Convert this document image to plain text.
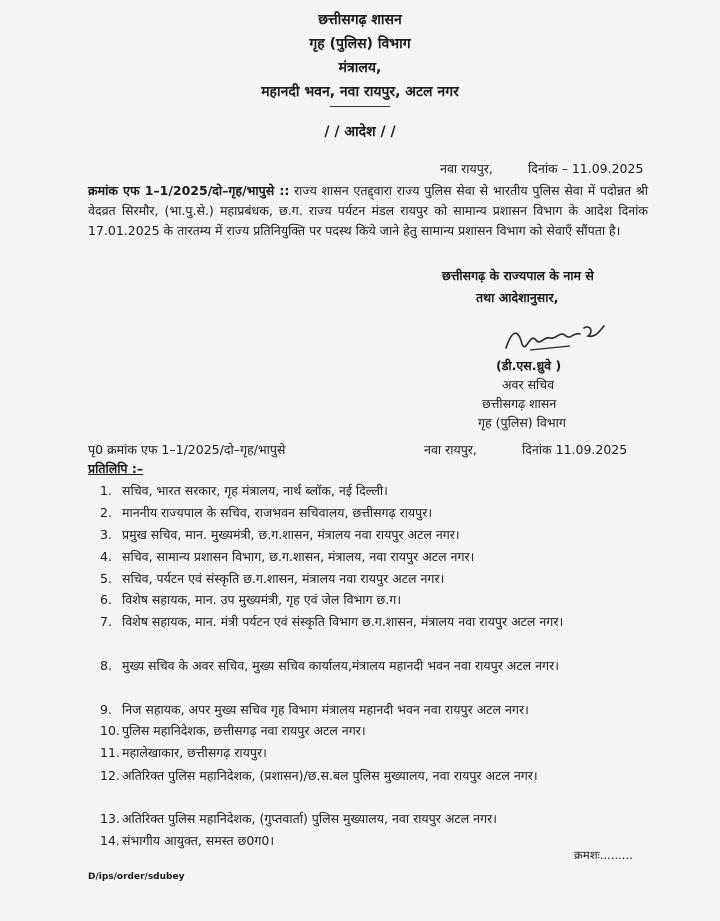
छत्तीसगढ़ शासन
गृह (पुलिस) विभाग
मंत्रालय,
महानदी भवन, नवा रायपुर, अटल नगर
/ / आदेश / /
नवा रायपुर,	दिनांक – 11.09.2025
क्रमांक एफ 1–1/2025/दो–गृह/भापुसे :: राज्य शासन एतद्द्वारा राज्य पुलिस सेवा से भारतीय पुलिस सेवा में पदोन्नत श्री वेदव्रत सिरमौर, (भा.पु.से.) महाप्रबंधक, छ.ग. राज्य पर्यटन मंडल रायपुर को सामान्य प्रशासन विभाग के आदेश दिनांक 17.01.2025 के तारतम्य में राज्य प्रतिनियुक्ति पर पदस्थ किये जाने हेतु सामान्य प्रशासन विभाग को सेवाएँ सौंपता है।
छत्तीसगढ़ के राज्यपाल के नाम से
तथा आदेशानुसार,
(डी.एस.ध्रुवे )
अवर सचिव
छत्तीसगढ़ शासन
गृह (पुलिस) विभाग
पृ0 क्रमांक एफ 1–1/2025/दो–गृह/भापुसे	नवा रायपुर,	दिनांक 11.09.2025
प्रतिलिपि :–
1. सचिव, भारत सरकार, गृह मंत्रालय, नार्थ ब्लॉक, नई दिल्ली।
2. माननीय राज्यपाल के सचिव, राजभवन सचिवालय, छत्तीसगढ़ रायपुर।
3. प्रमुख सचिव, मान. मुख्यमंत्री, छ.ग.शासन, मंत्रालय नवा रायपुर अटल नगर।
4. सचिव, सामान्य प्रशासन विभाग, छ.ग.शासन, मंत्रालय, नवा रायपुर अटल नगर।
5. सचिव, पर्यटन एवं संस्कृति छ.ग.शासन, मंत्रालय नवा रायपुर अटल नगर।
6. विशेष सहायक, मान. उप मुख्यमंत्री, गृह एवं जेल विभाग छ.ग।
7. विशेष सहायक, मान. मंत्री पर्यटन एवं संस्कृति विभाग छ.ग.शासन, मंत्रालय नवा रायपुर अटल नगर।
8. मुख्य सचिव के अवर सचिव, मुख्य सचिव कार्यालय,मंत्रालय महानदी भवन नवा रायपुर अटल नगर।
9. निज सहायक, अपर मुख्य सचिव गृह विभाग मंत्रालय महानदी भवन नवा रायपुर अटल नगर।
10. पुलिस महानिदेशक, छत्तीसगढ़ नवा रायपुर अटल नगर।
11. महालेखाकार, छत्तीसगढ़ रायपुर।
12. अतिरिक्त पुलिस महानिदेशक, (प्रशासन)/छ.स.बल पुलिस मुख्यालय, नवा रायपुर अटल नगर।
13. अतिरिक्त पुलिस महानिदेशक, (गुप्तवार्ता) पुलिस मुख्यालय, नवा रायपुर अटल नगर।
14. संभागीय आयुक्त, समस्त छ0ग0।
क्रमशः.........
D/ips/order/sdubey
